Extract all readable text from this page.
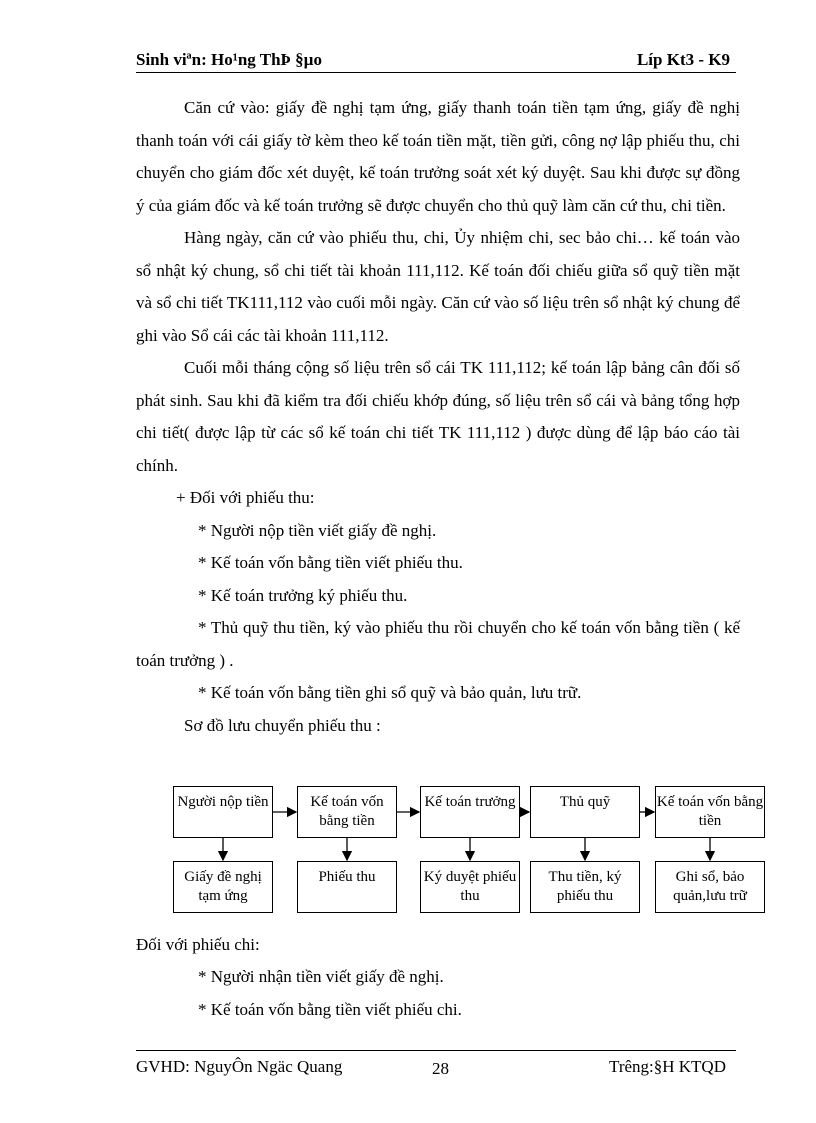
Sinh viªn: Ho¹ng ThÞ §µo	Líp Kt3 - K9

Căn cứ vào: giấy đề nghị tạm ứng, giấy thanh toán tiền tạm ứng, giấy đề nghị thanh toán với cái giấy tờ kèm theo kế toán tiền mặt, tiền gửi, công nợ lập phiếu thu, chi chuyển cho giám đốc xét duyệt, kế toán trưởng soát xét ký duyệt. Sau khi được sự đồng ý của giám đốc và kế toán trưởng sẽ được chuyển cho thủ quỹ làm căn cứ thu, chi tiền.

Hàng ngày, căn cứ vào phiếu thu, chi, Ủy nhiệm chi, sec bảo chi… kế toán vào sổ nhật ký chung, sổ chi tiết tài khoản 111,112. Kế toán đối chiếu giữa sổ quỹ tiền mặt và sổ chi tiết TK111,112 vào cuối mỗi ngày. Căn cứ vào số liệu trên sổ nhật ký chung để ghi vào Sổ cái các tài khoản 111,112.

Cuối mỗi tháng cộng số liệu trên sổ cái TK 111,112; kế toán lập bảng cân đối số phát sinh. Sau khi đã kiểm tra đối chiếu khớp đúng, số liệu trên sổ cái và bảng tổng hợp chi tiết( được lập từ các sổ kế toán chi tiết TK 111,112 ) được dùng để lập báo cáo tài chính.

+ Đối với phiếu thu:

* Người nộp tiền viết giấy đề nghị.

* Kế toán vốn bằng tiền viết phiếu thu.

* Kế toán trưởng ký phiếu thu.

* Thủ quỹ thu tiền, ký vào phiếu thu rồi chuyển cho kế toán vốn bằng tiền ( kế toán trưởng ) .

* Kế toán vốn bằng tiền ghi sổ quỹ và bảo quản, lưu trữ.

Sơ đồ lưu chuyển phiếu thu :

Người nộp tiền	Kế toán vốn bằng tiền
Kế toán trưởng	Thủ quỹ	Kế toán vốn bằng tiền
Giấy đề nghị tạm ứng
Phiếu thu	Ký duyệt phiếu thu
Thu tiền, ký phiếu thu
Ghi sổ, bảo quản,lưu trữ

Đối với phiếu chi:

* Người nhận tiền viết giấy đề nghị.

* Kế toán vốn bằng tiền viết phiếu chi.

GVHD: NguyÔn Ngäc Quang	28	Trêng:§H KTQD
